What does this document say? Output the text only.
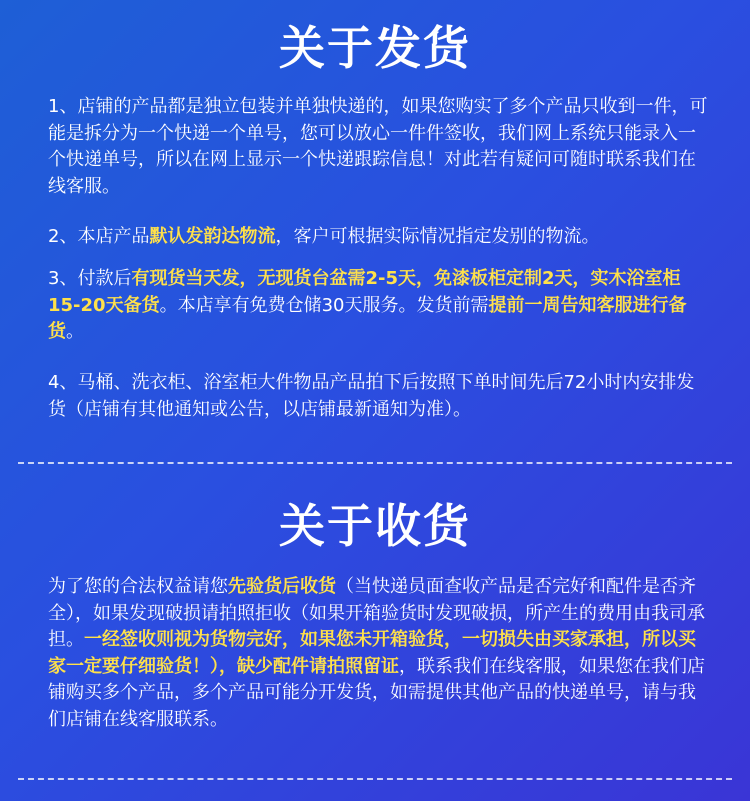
关于发货
1、店铺的产品都是独立包装并单独快递的，如果您购实了多个产品只收到一件，可能是拆分为一个快递一个单号，您可以放心一件件签收，我们网上系统只能录入一个快递单号，所以在网上显示一个快递跟踪信息！对此若有疑问可随时联系我们在线客服。
2、本店产品默认发韵达物流，客户可根据实际情况指定发别的物流。
3、付款后有现货当天发，无现货台盆需2-5天，免漆板柜定制2天，实木浴室柜15-20天备货。本店享有免费仓储30天服务。发货前需提前一周告知客服进行备货。
4、马桶、洗衣柜、浴室柜大件物品产品拍下后按照下单时间先后72小时内安排发货（店铺有其他通知或公告，以店铺最新通知为准）。
关于收货
为了您的合法权益请您先验货后收货（当快递员面查收产品是否完好和配件是否齐全），如果发现破损请拍照拒收（如果开箱验货时发现破损，所产生的费用由我司承担。一经签收则视为货物完好，如果您未开箱验货，一切损失由买家承担，所以买家一定要仔细验货！），缺少配件请拍照留证，联系我们在线客服，如果您在我们店铺购买多个产品，多个产品可能分开发货，如需提供其他产品的快递单号，请与我们店铺在线客服联系。
